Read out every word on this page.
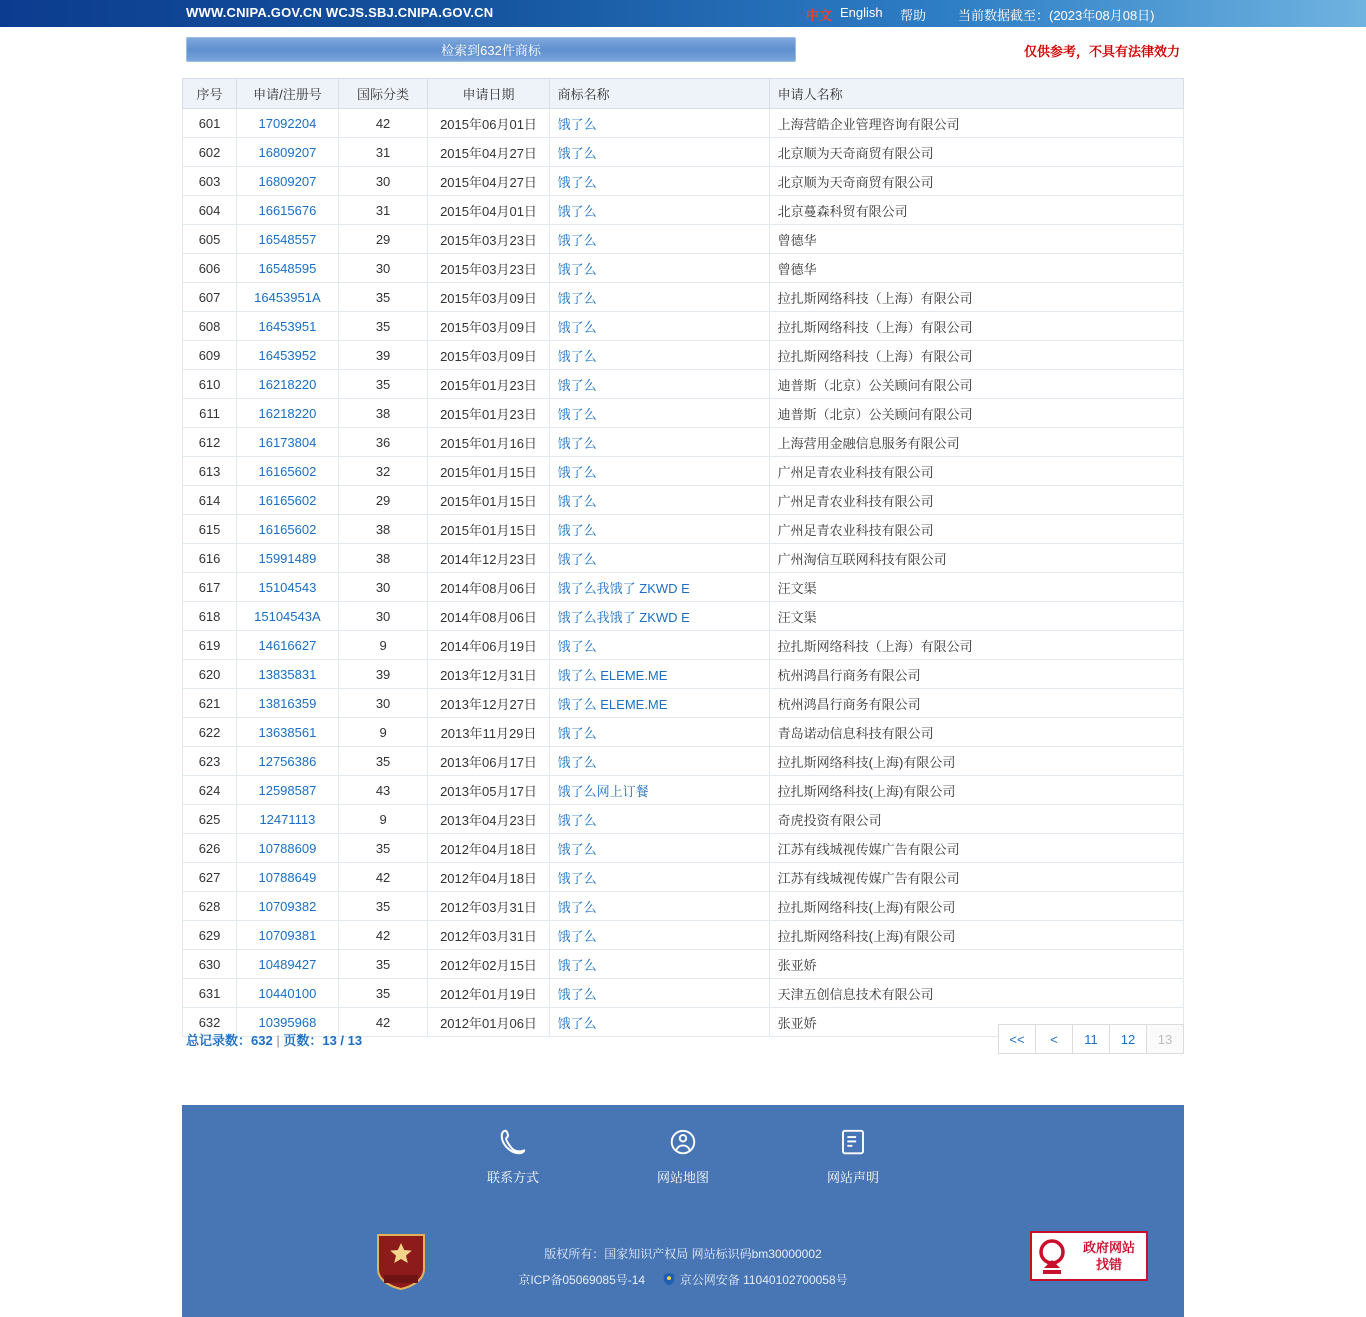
WWW.CNIPA.GOV.CN WCJS.SBJ.CNIPA.GOV.CN	中文 English 帮助 当前数据截至：(2023年08月08日)
检索到632件商标	仅供参考，不具有法律效力
序号	申请/注册号	国际分类	申请日期	商标名称	申请人名称
601	17092204	42	2015年06月01日	饿了么	上海营皓企业管理咨询有限公司
602	16809207	31	2015年04月27日	饿了么	北京顺为天奇商贸有限公司
603	16809207	30	2015年04月27日	饿了么	北京顺为天奇商贸有限公司
604	16615676	31	2015年04月01日	饿了么	北京蔓森科贸有限公司
605	16548557	29	2015年03月23日	饿了么	曾德华
606	16548595	30	2015年03月23日	饿了么	曾德华
607	16453951A	35	2015年03月09日	饿了么	拉扎斯网络科技（上海）有限公司
608	16453951	35	2015年03月09日	饿了么	拉扎斯网络科技（上海）有限公司
609	16453952	39	2015年03月09日	饿了么	拉扎斯网络科技（上海）有限公司
610	16218220	35	2015年01月23日	饿了么	迪普斯（北京）公关顾问有限公司
611	16218220	38	2015年01月23日	饿了么	迪普斯（北京）公关顾问有限公司
612	16173804	36	2015年01月16日	饿了么	上海营用金融信息服务有限公司
613	16165602	32	2015年01月15日	饿了么	广州足青农业科技有限公司
614	16165602	29	2015年01月15日	饿了么	广州足青农业科技有限公司
615	16165602	38	2015年01月15日	饿了么	广州足青农业科技有限公司
616	15991489	38	2014年12月23日	饿了么	广州淘信互联网科技有限公司
617	15104543	30	2014年08月06日	饿了么我饿了 ZKWD E	汪文渠
618	15104543A	30	2014年08月06日	饿了么我饿了 ZKWD E	汪文渠
619	14616627	9	2014年06月19日	饿了么	拉扎斯网络科技（上海）有限公司
620	13835831	39	2013年12月31日	饿了么 ELEME.ME	杭州鸿昌行商务有限公司
621	13816359	30	2013年12月27日	饿了么 ELEME.ME	杭州鸿昌行商务有限公司
622	13638561	9	2013年11月29日	饿了么	青岛诺动信息科技有限公司
623	12756386	35	2013年06月17日	饿了么	拉扎斯网络科技(上海)有限公司
624	12598587	43	2013年05月17日	饿了么网上订餐	拉扎斯网络科技(上海)有限公司
625	12471113	9	2013年04月23日	饿了么	奇虎投资有限公司
626	10788609	35	2012年04月18日	饿了么	江苏有线城视传媒广告有限公司
627	10788649	42	2012年04月18日	饿了么	江苏有线城视传媒广告有限公司
628	10709382	35	2012年03月31日	饿了么	拉扎斯网络科技(上海)有限公司
629	10709381	42	2012年03月31日	饿了么	拉扎斯网络科技(上海)有限公司
630	10489427	35	2012年02月15日	饿了么	张亚娇
631	10440100	35	2012年01月19日	饿了么	天津五创信息技术有限公司
632	10395968	42	2012年01月06日	饿了么	张亚娇
总记录数：632 | 页数：13 / 13	<<	<	11	12	13
联系方式	网站地图	网站声明
版权所有：国家知识产权局 网站标识码bm30000002
京ICP备05069085号-14	京公网安备 11040102700058号
政府网站
找错
